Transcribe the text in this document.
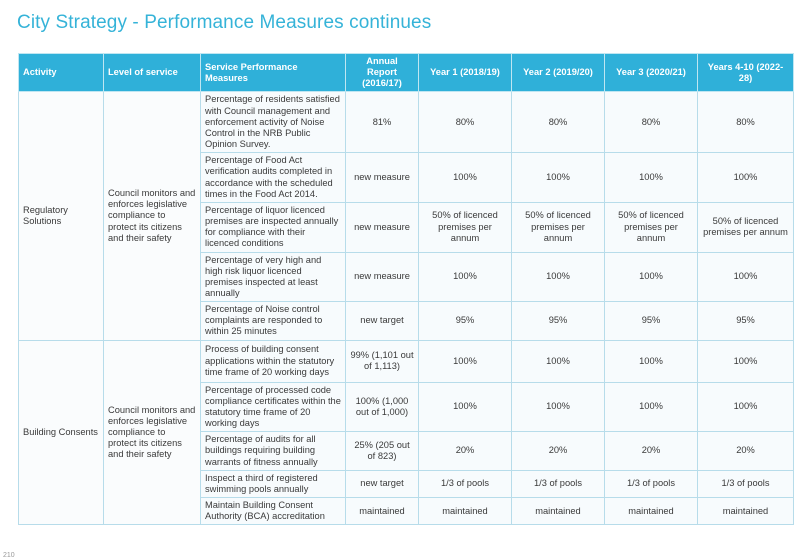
City Strategy - Performance Measures continues
Activity	Level of service	Service Performance Measures	Annual Report (2016/17)	Year 1 (2018/19)	Year 2 (2019/20)	Year 3 (2020/21)	Years 4-10 (2022-28)
Regulatory Solutions	Council monitors and enforces legislative compliance to protect its citizens and their safety	Percentage of residents satisfied with Council management and enforcement activity of Noise Control in the NRB Public Opinion Survey.	81%	80%	80%	80%	80%
		Percentage of Food Act verification audits completed in accordance with the scheduled times in the Food Act 2014.	new measure	100%	100%	100%	100%
		Percentage of liquor licenced premises are inspected annually for compliance with their licenced conditions	new measure	50% of licenced premises per annum	50% of licenced premises per annum	50% of licenced premises per annum	50% of licenced premises per annum
		Percentage of very high and high risk liquor licenced premises inspected at least annually	new measure	100%	100%	100%	100%
		Percentage of Noise control complaints are responded to within 25 minutes	new target	95%	95%	95%	95%
Building Consents	Council monitors and enforces legislative compliance to protect its citizens and their safety	Process of building consent applications within the statutory time frame of 20 working days	99% (1,101 out of 1,113)	100%	100%	100%	100%
		Percentage of processed code compliance certificates within the statutory time frame of 20 working days	100% (1,000 out of 1,000)	100%	100%	100%	100%
		Percentage of audits for all buildings requiring building warrants of fitness annually	25% (205 out of 823)	20%	20%	20%	20%
		Inspect a third of registered swimming pools annually	new target	1/3 of pools	1/3 of pools	1/3 of pools	1/3 of pools
		Maintain Building Consent Authority (BCA) accreditation	maintained	maintained	maintained	maintained	maintained
210
